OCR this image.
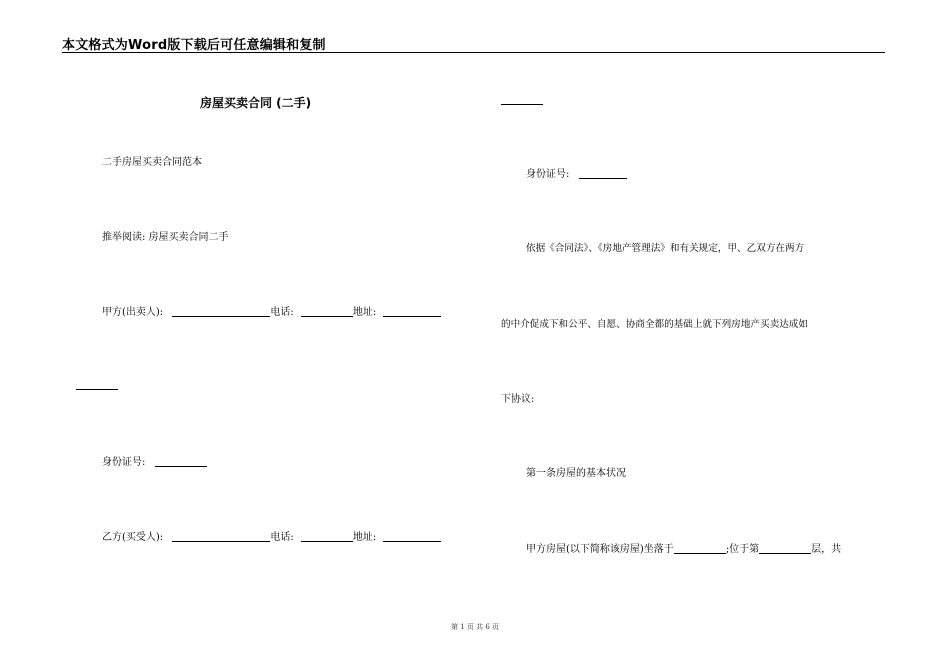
本文格式为Word版下载后可任意编辑和复制
房屋买卖合同 (二手)
二手房屋买卖合同范本
推举阅读: 房屋买卖合同二手
甲方(出卖人):	电话:	地址:
身份证号:
乙方(买受人):	电话:	地址:
身份证号:
依据《合同法》、《房地产管理法》和有关规定，甲、乙双方在两方
的中介促成下和公平、自愿、协商全都的基础上就下列房地产买卖达成如
下协议:
第一条房屋的基本状况
甲方房屋(以下简称该房屋)坐落于	;位于第	层，共
第 1 页 共 6 页
